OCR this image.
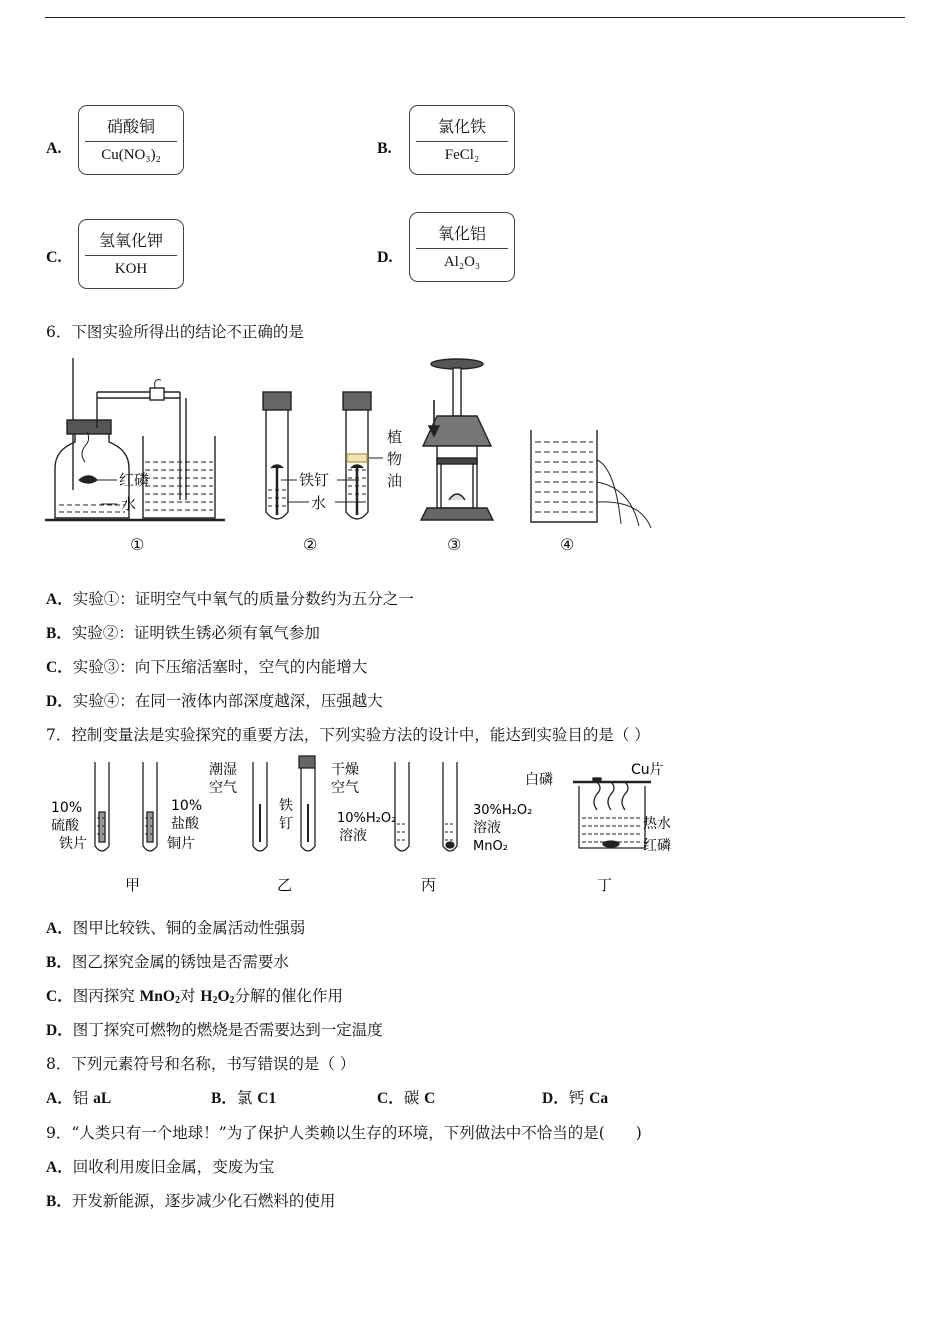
A.
硝酸铜
Cu(NO₃)₂	B.
氯化铁
FeCl₂
C.
氢氧化钾
KOH
D.
氧化铝
Al₂O₃
6．下图实验所得出的结论不正确的是
红磷
水
铁钉
水
植
物
油
①	②	③	④
A．实验①：证明空气中氧气的质量分数约为五分之一
B．实验②：证明铁生锈必须有氧气参加
C．实验③：向下压缩活塞时，空气的内能增大
D．实验④：在同一液体内部深度越深，压强越大
7．控制变量法是实验探究的重要方法，下列实验方法的设计中，能达到实验目的是（ ）
10%
硫酸
铁片
10%
盐酸
铜片
潮湿
空气
铁
钉
干燥
空气
10%H₂O₂
溶液
30%H₂O₂
溶液
MnO₂
白磷
Cu片
热水
红磷
甲	乙	丙	丁
A．图甲比较铁、铜的金属活动性强弱
B．图乙探究金属的锈蚀是否需要水
C．图丙探究 MnO$_2$对 $H_2O_2$分解的催化作用
D．图丁探究可燃物的燃烧是否需要达到一定温度
8．下列元素符号和名称，书写错误的是（ ）
A．铝 aL	B．氯 C1	C．碳 C	D．钙 Ca
9．“人类只有一个地球！”为了保护人类赖以生存的环境，下列做法中不恰当的是(　　)
A．回收利用废旧金属，变废为宝
B．开发新能源，逐步减少化石燃料的使用
